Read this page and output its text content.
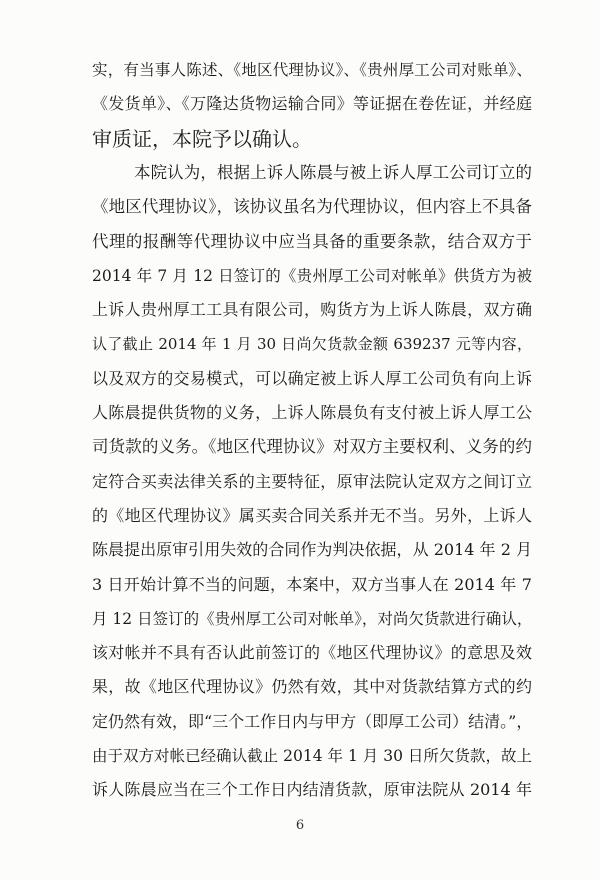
实，有当事人陈述、《地区代理协议》、《贵州厚工公司对账单》、
《发货单》、《万隆达货物运输合同》等证据在卷佐证，并经庭
审质证，本院予以确认。
本院认为，根据上诉人陈晨与被上诉人厚工公司订立的
《地区代理协议》，该协议虽名为代理协议，但内容上不具备
代理的报酬等代理协议中应当具备的重要条款，结合双方于
2014 年 7 月 12 日签订的《贵州厚工公司对帐单》供货方为被
上诉人贵州厚工工具有限公司，购货方为上诉人陈晨，双方确
认了截止 2014 年 1 月 30 日尚欠货款金额 639237 元等内容，
以及双方的交易模式，可以确定被上诉人厚工公司负有向上诉
人陈晨提供货物的义务，上诉人陈晨负有支付被上诉人厚工公
司货款的义务。《地区代理协议》对双方主要权利、义务的约
定符合买卖法律关系的主要特征，原审法院认定双方之间订立
的《地区代理协议》属买卖合同关系并无不当。另外，上诉人
陈晨提出原审引用失效的合同作为判决依据，从 2014 年 2 月
3 日开始计算不当的问题，本案中，双方当事人在 2014 年 7
月 12 日签订的《贵州厚工公司对帐单》，对尚欠货款进行确认，
该对帐并不具有否认此前签订的《地区代理协议》的意思及效
果，故《地区代理协议》仍然有效，其中对货款结算方式的约
定仍然有效，即“三个工作日内与甲方（即厚工公司）结清。”，
由于双方对帐已经确认截止 2014 年 1 月 30 日所欠货款，故上
诉人陈晨应当在三个工作日内结清货款，原审法院从 2014 年
6
